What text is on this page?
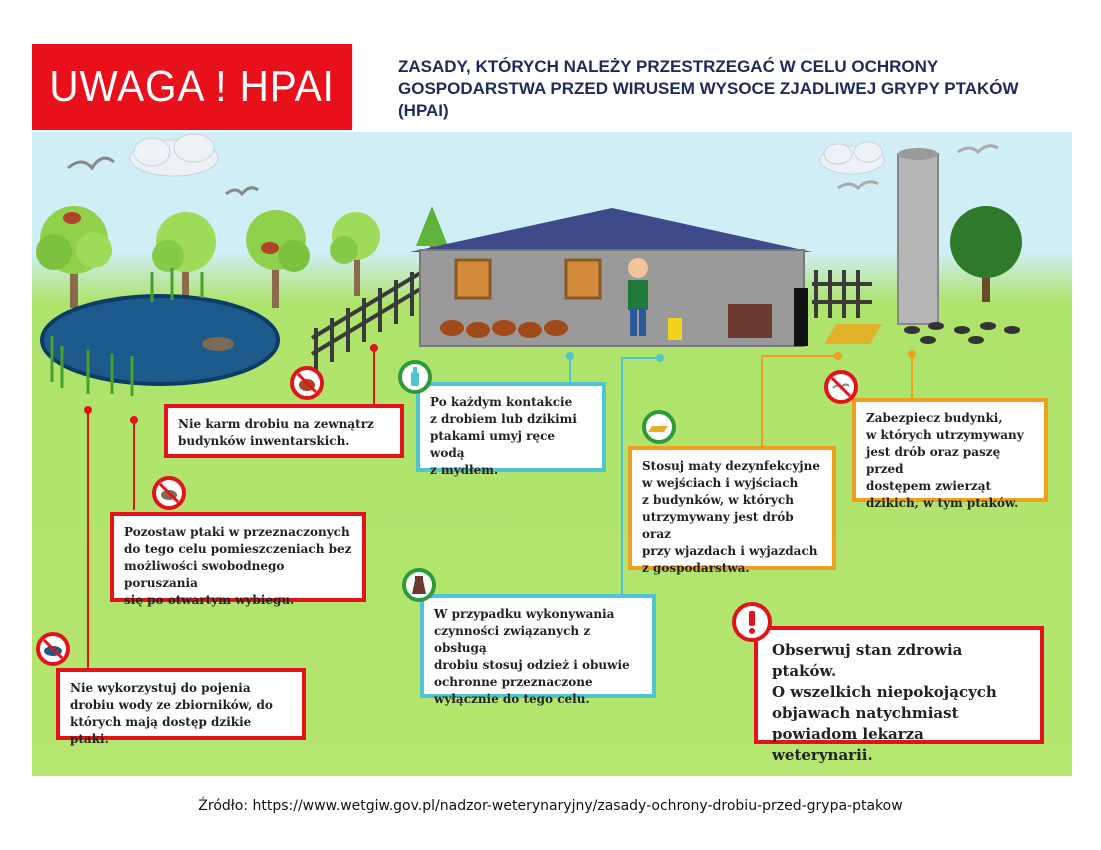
UWAGA ! HPAI	ZASADY, KTÓRYCH NALEŻY PRZESTRZEGAĆ W CELU OCHRONY GOSPODARSTWA PRZED WIRUSEM WYSOCE ZJADLIWEJ GRYPY PTAKÓW (HPAI)
Nie karm drobiu na zewnątrz
budynków inwentarskich.
Po każdym kontakcie
z drobiem lub dzikimi
ptakami umyj ręce wodą
z mydłem.	Stosuj maty dezynfekcyjne
w wejściach i wyjściach
z budynków, w których
utrzymywany jest drób oraz
przy wjazdach i wyjazdach
z gospodarstwa.
Zabezpiecz budynki,
w których utrzymywany
jest drób oraz paszę przed
dostępem zwierząt
dzikich, w tym ptaków.
Pozostaw ptaki w przeznaczonych
do tego celu pomieszczeniach bez
możliwości swobodnego poruszania
się po otwartym wybiegu.
W przypadku wykonywania
czynności związanych z obsługą
drobiu stosuj odzież i obuwie
ochronne przeznaczone
wyłącznie do tego celu.
Nie wykorzystuj do pojenia
drobiu wody ze zbiorników, do
których mają dostęp dzikie ptaki.
Obserwuj stan zdrowia ptaków.
O wszelkich niepokojących
objawach natychmiast
powiadom lekarza weterynarii.
Źródło: https://www.wetgiw.gov.pl/nadzor-weterynaryjny/zasady-ochrony-drobiu-przed-grypa-ptakow
